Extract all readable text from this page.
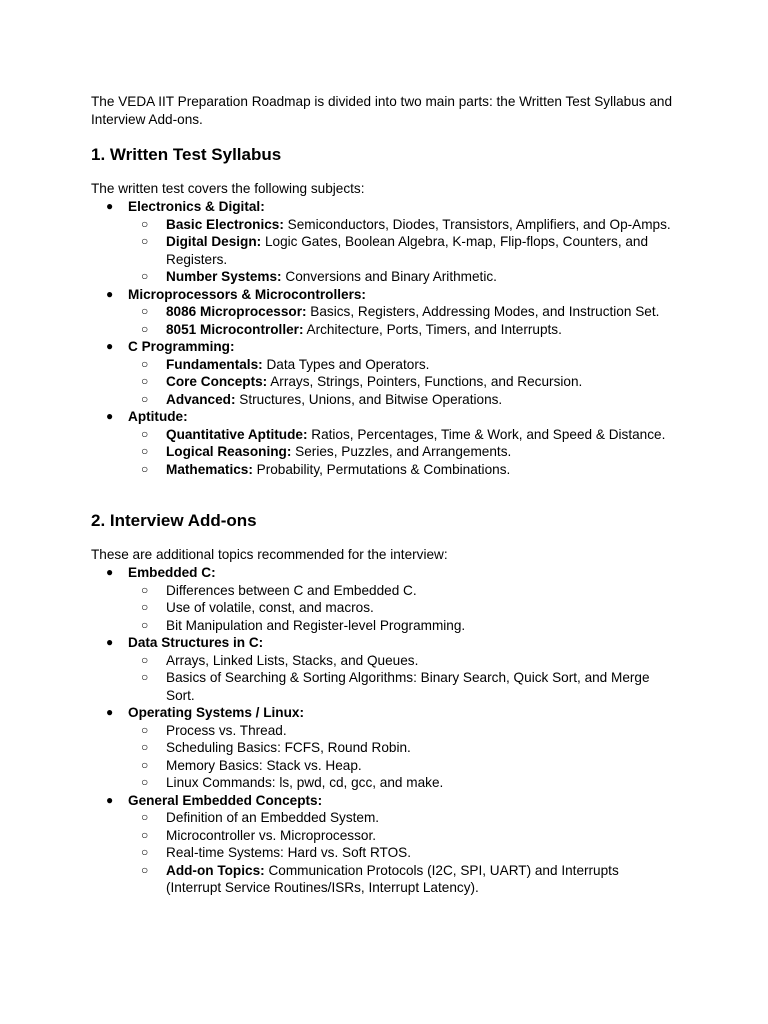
The VEDA IIT Preparation Roadmap is divided into two main parts: the Written Test Syllabus and Interview Add-ons.

1. Written Test Syllabus

The written test covers the following subjects:

● Electronics & Digital:
○ Basic Electronics: Semiconductors, Diodes, Transistors, Amplifiers, and Op-Amps.
○ Digital Design: Logic Gates, Boolean Algebra, K-map, Flip-flops, Counters, and Registers.
○ Number Systems: Conversions and Binary Arithmetic.
● Microprocessors & Microcontrollers:
○ 8086 Microprocessor: Basics, Registers, Addressing Modes, and Instruction Set.
○ 8051 Microcontroller: Architecture, Ports, Timers, and Interrupts.
● C Programming:
○ Fundamentals: Data Types and Operators.
○ Core Concepts: Arrays, Strings, Pointers, Functions, and Recursion.
○ Advanced: Structures, Unions, and Bitwise Operations.
● Aptitude:
○ Quantitative Aptitude: Ratios, Percentages, Time & Work, and Speed & Distance.
○ Logical Reasoning: Series, Puzzles, and Arrangements.
○ Mathematics: Probability, Permutations & Combinations.
2. Interview Add-ons

These are additional topics recommended for the interview:

● Embedded C:
○ Differences between C and Embedded C.
○ Use of volatile, const, and macros.
○ Bit Manipulation and Register-level Programming.
● Data Structures in C:
○ Arrays, Linked Lists, Stacks, and Queues.
○ Basics of Searching & Sorting Algorithms: Binary Search, Quick Sort, and Merge Sort.
● Operating Systems / Linux:
○ Process vs. Thread.
○ Scheduling Basics: FCFS, Round Robin.
○ Memory Basics: Stack vs. Heap.
○ Linux Commands: ls, pwd, cd, gcc, and make.
● General Embedded Concepts:
○ Definition of an Embedded System.
○ Microcontroller vs. Microprocessor.
○ Real-time Systems: Hard vs. Soft RTOS.
○ Add-on Topics: Communication Protocols (I2C, SPI, UART) and Interrupts (Interrupt Service Routines/ISRs, Interrupt Latency).
